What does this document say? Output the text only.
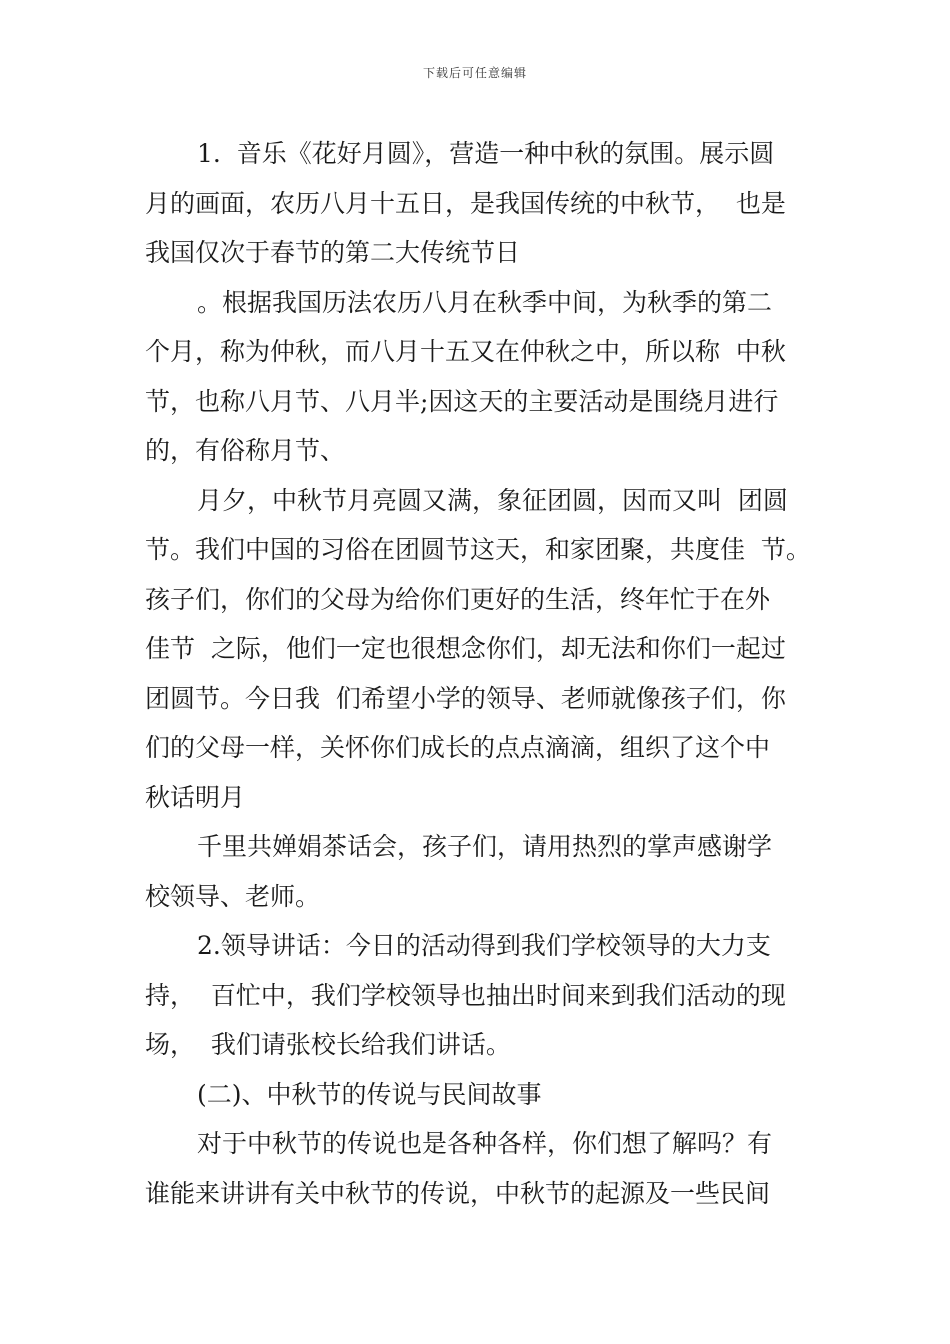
下载后可任意编辑
1.  音乐《花好月圆》，营造一种中秋的氛围。展示圆
月的画面，农历八月十五日，是我国传统的中秋节，  也是
我国仅次于春节的第二大传统节日
。根据我国历法农历八月在秋季中间，为秋季的第二
个月，称为仲秋，而八月十五又在仲秋之中，所以称  中秋
节，也称八月节、八月半;因这天的主要活动是围绕月进行
的，有俗称月节、
月夕，中秋节月亮圆又满，象征团圆，因而又叫  团圆
节。我们中国的习俗在团圆节这天，和家团聚，共度佳  节。
孩子们，你们的父母为给你们更好的生活，终年忙于在外
佳节  之际，他们一定也很想念你们，却无法和你们一起过
团圆节。今日我  们希望小学的领导、老师就像孩子们，你
们的父母一样，关怀你们成长的点点滴滴，组织了这个中
秋话明月
千里共婵娟茶话会，孩子们，请用热烈的掌声感谢学
校领导、老师。
2.领导讲话：今日的活动得到我们学校领导的大力支
持，  百忙中，我们学校领导也抽出时间来到我们活动的现
场，  我们请张校长给我们讲话。
(二)、中秋节的传说与民间故事
对于中秋节的传说也是各种各样，你们想了解吗？有
谁能来讲讲有关中秋节的传说，中秋节的起源及一些民间
